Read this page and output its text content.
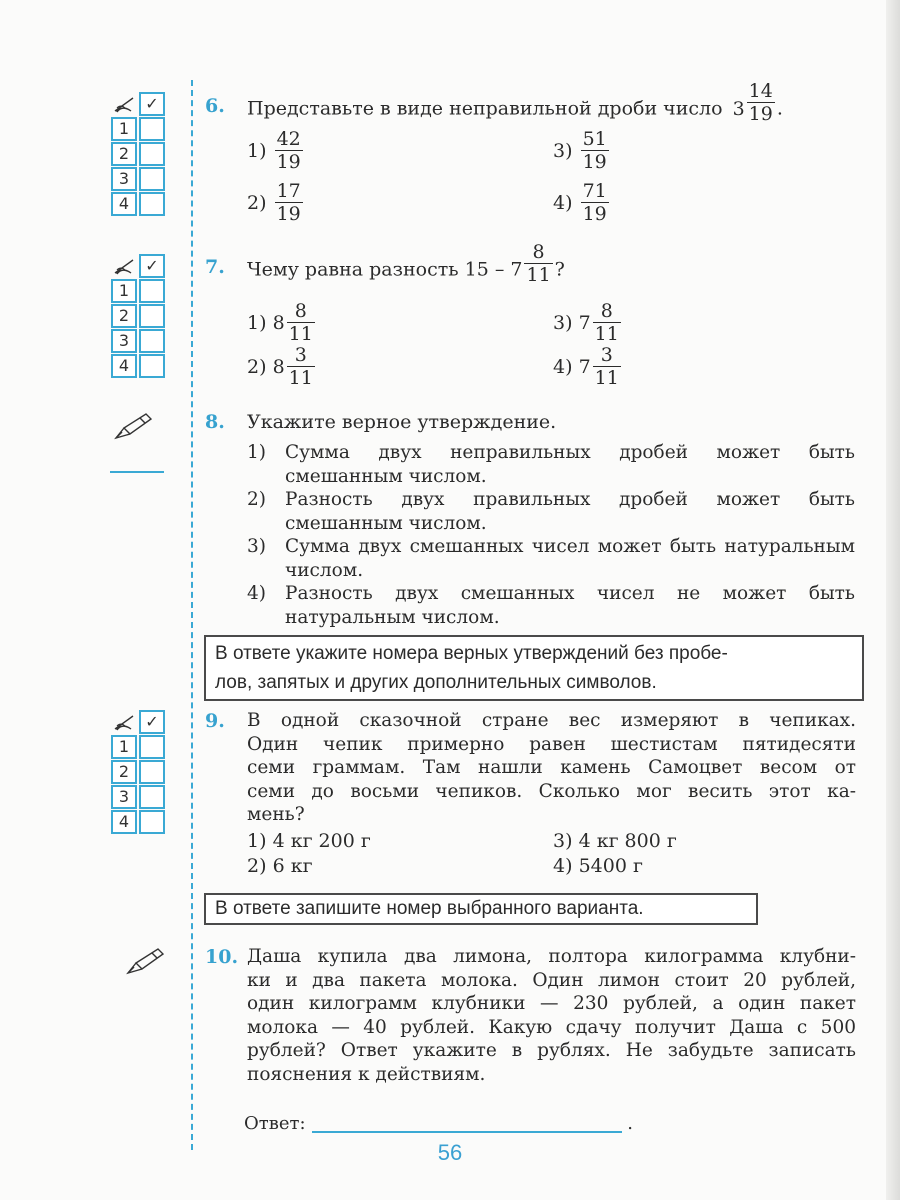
✓
1
2
3
4
6. Представьте в виде неправильной дроби число $3 \frac{14}{19}$ .
$1) \frac{42}{19}$
$2) \frac{17}{19}$
$3) \frac{51}{19}$
$4) \frac{71}{19}$
✓
1
2
3
4
7. Чему равна разность $15 - 7 \frac{8}{11}$ ?
1) $8 \frac{8}{11}$
2) $8 \frac{3}{11}$
3) $7 \frac{8}{11}$
4) $7 \frac{3}{11}$
8. Укажите верное утверждение.
1) Сумма двух неправильных дробей может быть смешанным числом.
2) Разность двух правильных дробей может быть смешанным числом.
3) Сумма двух смешанных чисел может быть натуральным числом.
4) Разность двух смешанных чисел не может быть натуральным числом.
В ответе укажите номера верных утверждений без пробе-
лов, запятых и других дополнительных символов.
✓
1
2
3
4
9. В одной сказочной стране вес измеряют в чепиках.
Один чепик примерно равен шестистам пятидесяти
семи граммам. Там нашли камень Самоцвет весом от
семи до восьми чепиков. Сколько мог весить этот ка-
мень?
1) 4 кг 200 г
2) 6 кг
3) 4 кг 800 г
4) 5400 г
В ответе запишите номер выбранного варианта.
10. Даша купила два лимона, полтора килограмма клубни-
ки и два пакета молока. Один лимон стоит 20 рублей,
один килограмм клубники — 230 рублей, а один пакет
молока — 40 рублей. Какую сдачу получит Даша с 500
рублей? Ответ укажите в рублях. Не забудьте записать
пояснения к действиям.
Ответ:	.
56
